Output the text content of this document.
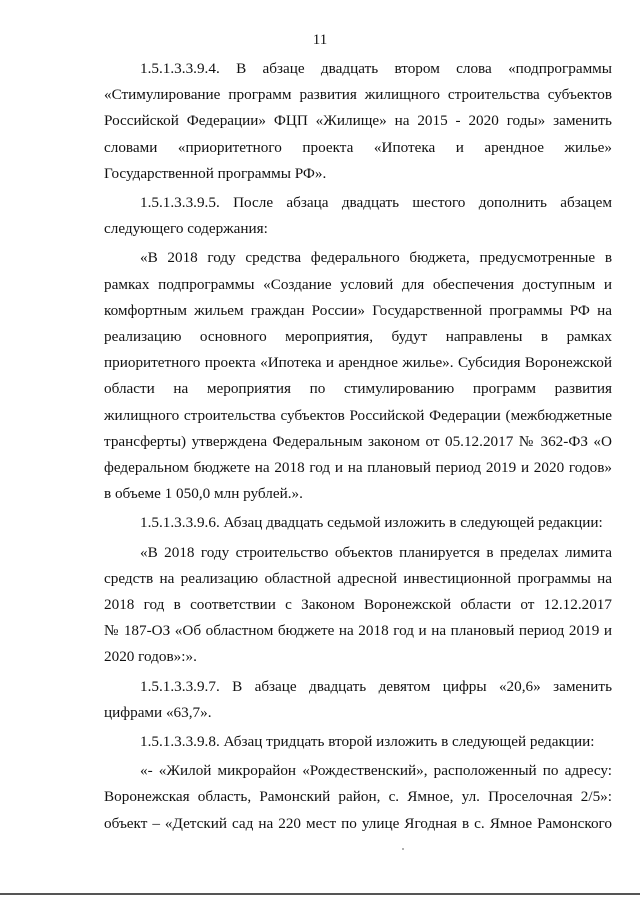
11
1.5.1.3.3.9.4. В абзаце двадцать втором слова «подпрограммы
«Стимулирование программ развития жилищного строительства субъектов
Российской Федерации» ФЦП «Жилище» на 2015 - 2020 годы» заменить
словами «приоритетного проекта «Ипотека и арендное жилье»
Государственной программы РФ».
1.5.1.3.3.9.5. После абзаца двадцать шестого дополнить абзацем
следующего содержания:
«В 2018 году средства федерального бюджета, предусмотренные в
рамках подпрограммы «Создание условий для обеспечения доступным и
комфортным жильем граждан России» Государственной программы РФ на
реализацию основного мероприятия, будут направлены в рамках
приоритетного проекта «Ипотека и арендное жилье». Субсидия Воронежской
области на мероприятия по стимулированию программ развития
жилищного строительства субъектов Российской Федерации (межбюджетные
трансферты) утверждена Федеральным законом от 05.12.2017 № 362-ФЗ «О
федеральном бюджете на 2018 год и на плановый период 2019 и 2020 годов»
в объеме 1 050,0 млн рублей.».
1.5.1.3.3.9.6. Абзац двадцать седьмой изложить в следующей редакции:
«В 2018 году строительство объектов планируется в пределах лимита
средств на реализацию областной адресной инвестиционной программы на
2018 год в соответствии с Законом Воронежской области от 12.12.2017
№ 187-ОЗ «Об областном бюджете на 2018 год и на плановый период 2019 и
2020 годов»:».
1.5.1.3.3.9.7. В абзаце двадцать девятом цифры «20,6» заменить
цифрами «63,7».
1.5.1.3.3.9.8. Абзац тридцать второй изложить в следующей редакции:
«- «Жилой микрорайон «Рождественский», расположенный по адресу:
Воронежская область, Рамонский район, с. Ямное, ул. Проселочная 2/5»:
объект – «Детский сад на 220 мест по улице Ягодная в с. Ямное Рамонского
